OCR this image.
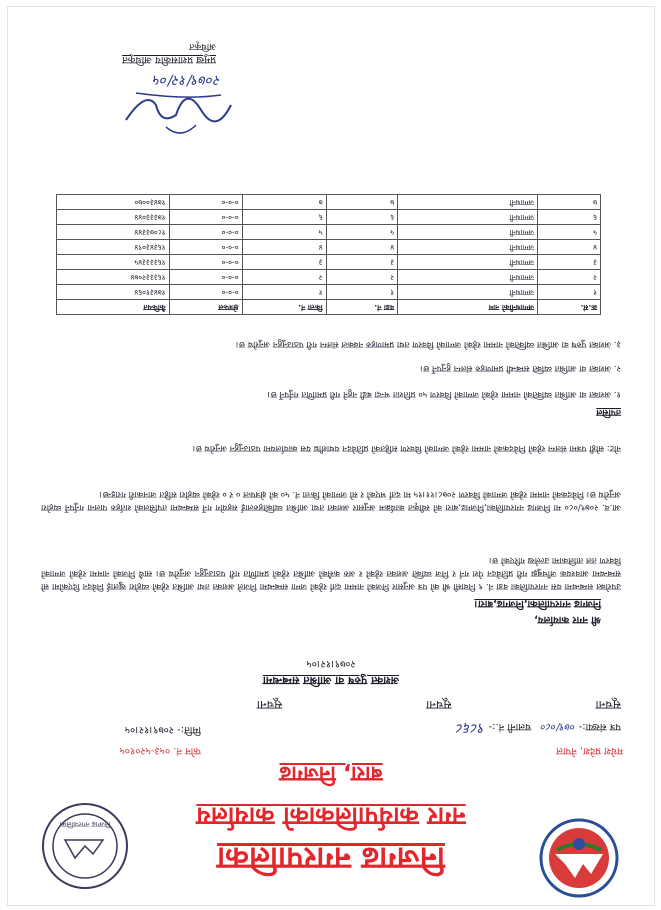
निजगढ नगरपालिका
निजगढ नगरपालिका
नगर कार्यपालिकाको कार्यालय
बारा, निजगढ
मधेश प्रदेश, नेपाल
फोन नं. ०५३-५२०१०५
पत्र संख्या:- ०७९/०८०   चलानी नं.:- ९८६८
मिति:- २०७९।१२।०५
सूचना सूचना सूचना
अशक्त पुरुष वा आश्रित सम्बन्धमा
२०७९।१२।०५
श्री नगर कार्यालय,
निजगढ नगरपालिका,निजगढ,बारा।

उपरोक्त सम्बन्धमा यस नगरपालिका वडा नं. ९ निवासी श्री को पत्र अनुसार निजको नाममा दर्ता रहेको जग्गा सम्बन्धमा निजले अशक्त तथा आश्रित रहेको व्यहोरा खुलाई निवेदन दिएकोमा सो सम्बन्धमा आवश्यक जाँचबुझ गरी प्रतिवेदन पेश गर्न र निज व्यक्ति अशक्त रहेको र अरु कसैको आश्रित रहेको प्रमाणित गरी पठाउनुहुन अनुरोध छ। साथै निजको नाममा रहेको जग्गाको विवरण तल तालिकामा उल्लेख गरिएको छ।

आ.व. २०७९/०८० मा निजगढ नगरपालिका,निजगढ,बारा को स्वीकृत कार्यक्रम अनुसार अशक्त तथा आश्रित व्यक्तिहरुलाई सहयोग गर्ने सम्बन्धमा तपसिलको शर्तहरु पालना गर्नुपर्ने व्यहोरा अनुरोध छ। निवेदकको नाममा रहेको जग्गाको विवरण २०७८।११।१५ मा दर्ता भएको र सो जग्गाको कित्ता नं. ५० को क्षेत्रफल ० र ० रहेको व्यहोरा सहित जानकारी गराइन्छ।

नोट: सोही पत्रमा संलग्न रहेको निवेदकको नाममा रहेको जग्गाको विवरण सहितको प्रतिवेदन यथाशीघ्र यस कार्यालयमा पठाउनुहुन अनुरोध छ।

तपसिल

१. अशक्त वा आश्रित व्यक्तिको नाममा रहेको जग्गाको विवरण ५० प्रतिशत भन्दा बढी नहुने गरी प्रमाणित गर्नुपर्ने छ।

२. अशक्त वा आश्रित व्यक्ति सम्बन्धी प्रमाणहरु संलग्न हुनुपर्ने छ।

३. अशक्त पुरुष वा आश्रित व्यक्तिको नाममा रहेको जग्गाको विवरण तथा प्रमाणहरु नक्कल संलग्न गरी पठाउनुहुन अनुरोध छ।

क्र.सं.	जग्गाधनीको नाम	वडा नं.	कित्ता नं.	क्षेत्रफल	कैफियत
१	जग्गाधनी	१	१	०-०-०	१७४३१०६४
२	जग्गाधनी	२	२	०-०-०	१६३३३२०७४
३	जग्गाधनी	३	३	०-०-०	१६३३३३४५
४	जग्गाधनी	४	४	०-०-०	१६३४३०९४
५	जग्गाधनी	५	५	०-०-०	१८०७३३४४
६	जग्गाधनी	६	६	०-०-०	१७३३३०४४
७	जग्गाधनी	७	७	०-०-०	१७४३००७०
२०७९/१२/०५
प्रमुख प्रशासकीय अधिकृत
अधिकृत
